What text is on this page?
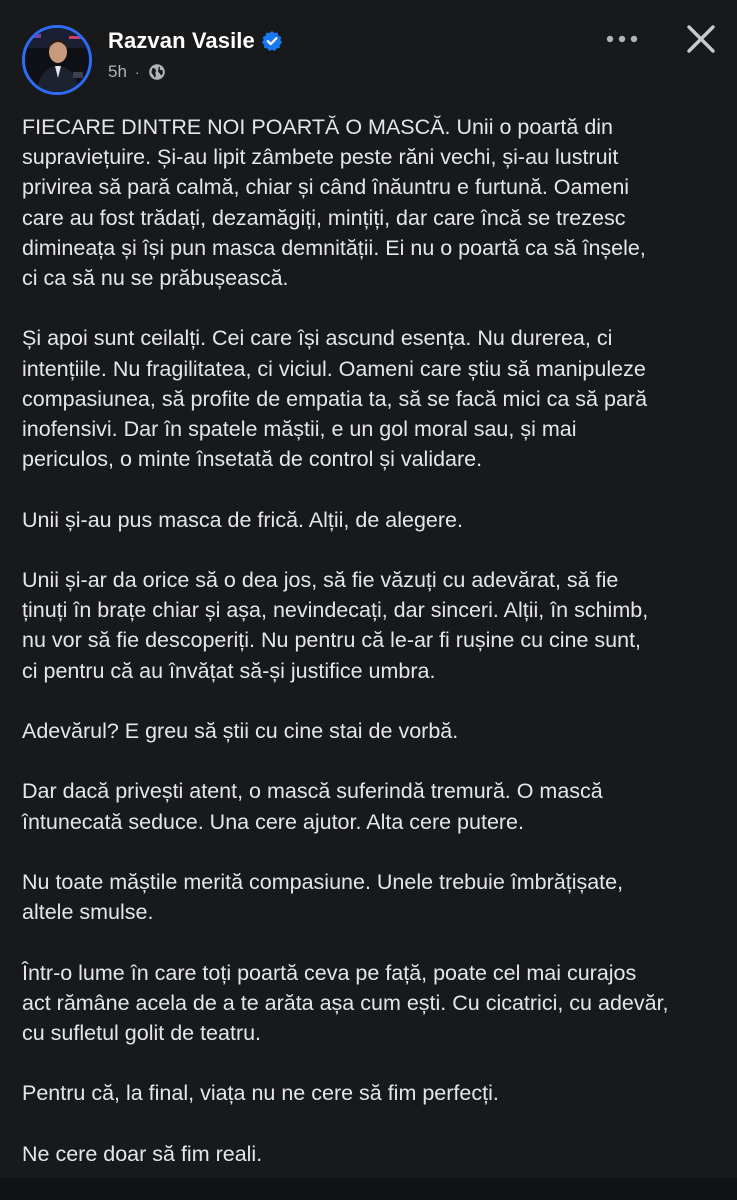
Razvan Vasile
5h ·

FIECARE DINTRE NOI POARTĂ O MASCĂ. Unii o poartă din
supraviețuire. Și-au lipit zâmbete peste răni vechi, și-au lustruit
privirea să pară calmă, chiar și când înăuntru e furtună. Oameni
care au fost trădați, dezamăgiți, mințiți, dar care încă se trezesc
dimineața și își pun masca demnității. Ei nu o poartă ca să înșele,
ci ca să nu se prăbușească.

Și apoi sunt ceilalți. Cei care își ascund esența. Nu durerea, ci
intențiile. Nu fragilitatea, ci viciul. Oameni care știu să manipuleze
compasiunea, să profite de empatia ta, să se facă mici ca să pară
inofensivi. Dar în spatele măștii, e un gol moral sau, și mai
periculos, o minte însetată de control și validare.

Unii și-au pus masca de frică. Alții, de alegere.

Unii și-ar da orice să o dea jos, să fie văzuți cu adevărat, să fie
ținuți în brațe chiar și așa, nevindecați, dar sinceri. Alții, în schimb,
nu vor să fie descoperiți. Nu pentru că le-ar fi rușine cu cine sunt,
ci pentru că au învățat să-și justifice umbra.

Adevărul? E greu să știi cu cine stai de vorbă.

Dar dacă privești atent, o mască suferindă tremură. O mască
întunecată seduce. Una cere ajutor. Alta cere putere.

Nu toate măștile merită compasiune. Unele trebuie îmbrățișate,
altele smulse.

Într-o lume în care toți poartă ceva pe față, poate cel mai curajos
act rămâne acela de a te arăta așa cum ești. Cu cicatrici, cu adevăr,
cu sufletul golit de teatru.

Pentru că, la final, viața nu ne cere să fim perfecți.

Ne cere doar să fim reali.
